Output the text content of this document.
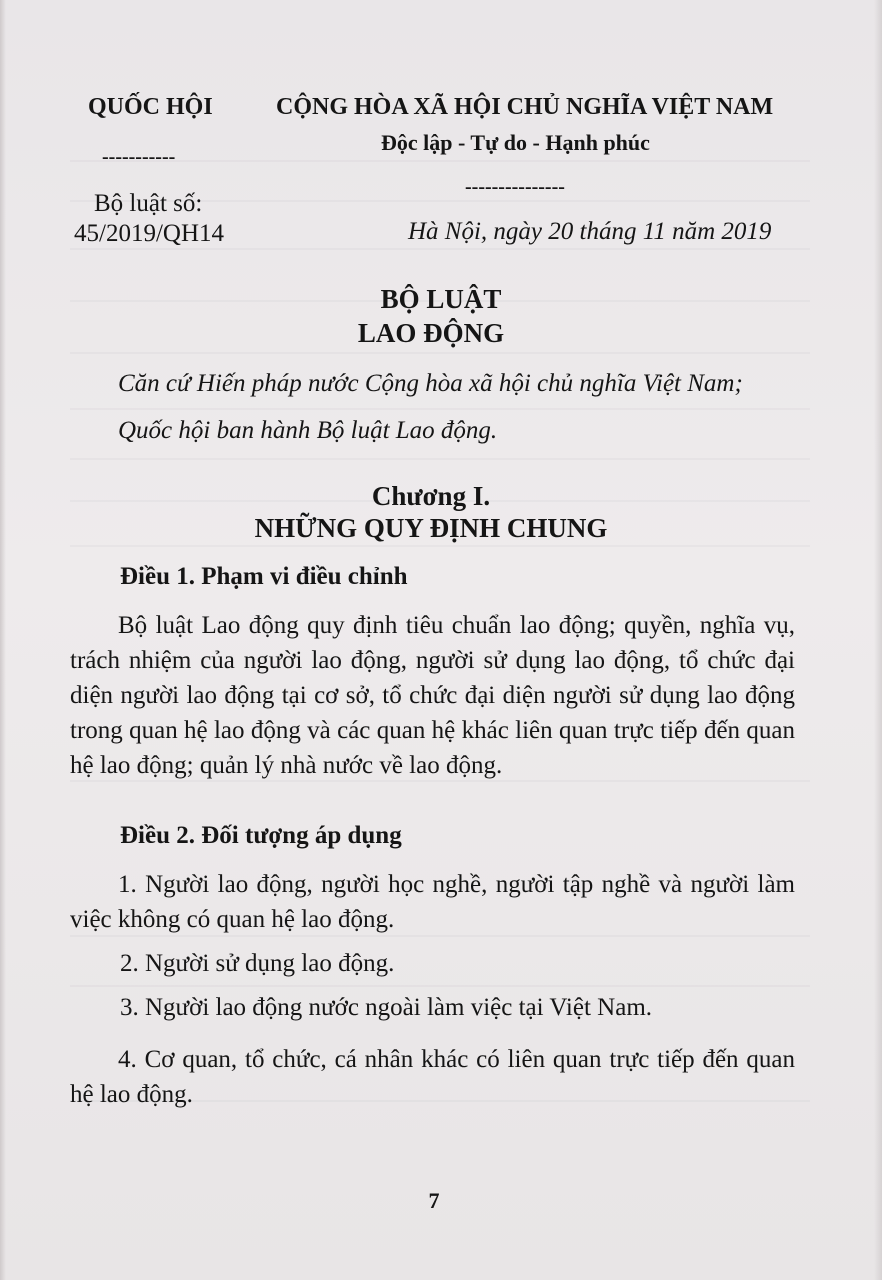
QUỐC HỘI
-----------
CỘNG HÒA XÃ HỘI CHỦ NGHĨA VIỆT NAM
Độc lập - Tự do - Hạnh phúc
---------------
Bộ luật số:
45/2019/QH14	Hà Nội, ngày 20 tháng 11 năm 2019
BỘ LUẬT
LAO ĐỘNG
Căn cứ Hiến pháp nước Cộng hòa xã hội chủ nghĩa Việt Nam;
Quốc hội ban hành Bộ luật Lao động.
Chương I.
NHỮNG QUY ĐỊNH CHUNG
Điều 1. Phạm vi điều chỉnh
Bộ luật Lao động quy định tiêu chuẩn lao động; quyền, nghĩa vụ, trách nhiệm của người lao động, người sử dụng lao động, tổ chức đại diện người lao động tại cơ sở, tổ chức đại diện người sử dụng lao động trong quan hệ lao động và các quan hệ khác liên quan trực tiếp đến quan hệ lao động; quản lý nhà nước về lao động.
Điều 2. Đối tượng áp dụng
1. Người lao động, người học nghề, người tập nghề và người làm việc không có quan hệ lao động.
2. Người sử dụng lao động.
3. Người lao động nước ngoài làm việc tại Việt Nam.
4. Cơ quan, tổ chức, cá nhân khác có liên quan trực tiếp đến quan hệ lao động.
7
